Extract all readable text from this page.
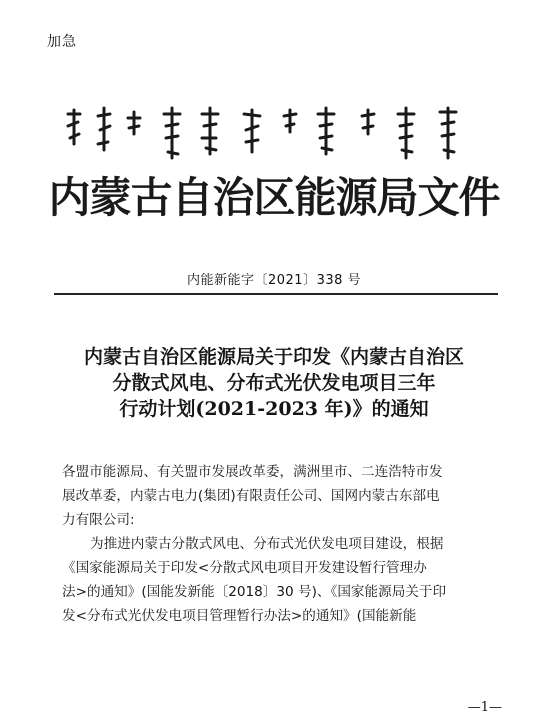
加急
内蒙古自治区能源局文件
内能新能字〔2021〕338 号
内蒙古自治区能源局关于印发《内蒙古自治区
分散式风电、分布式光伏发电项目三年
行动计划(2021-2023 年)》的通知
各盟市能源局、有关盟市发展改革委，满洲里市、二连浩特市发
展改革委，内蒙古电力(集团)有限责任公司、国网内蒙古东部电
力有限公司:
为推进内蒙古分散式风电、分布式光伏发电项目建设，根据
《国家能源局关于印发<分散式风电项目开发建设暂行管理办
法>的通知》(国能发新能〔2018〕30 号)、《国家能源局关于印
发<分布式光伏发电项目管理暂行办法>的通知》(国能新能
—1—
